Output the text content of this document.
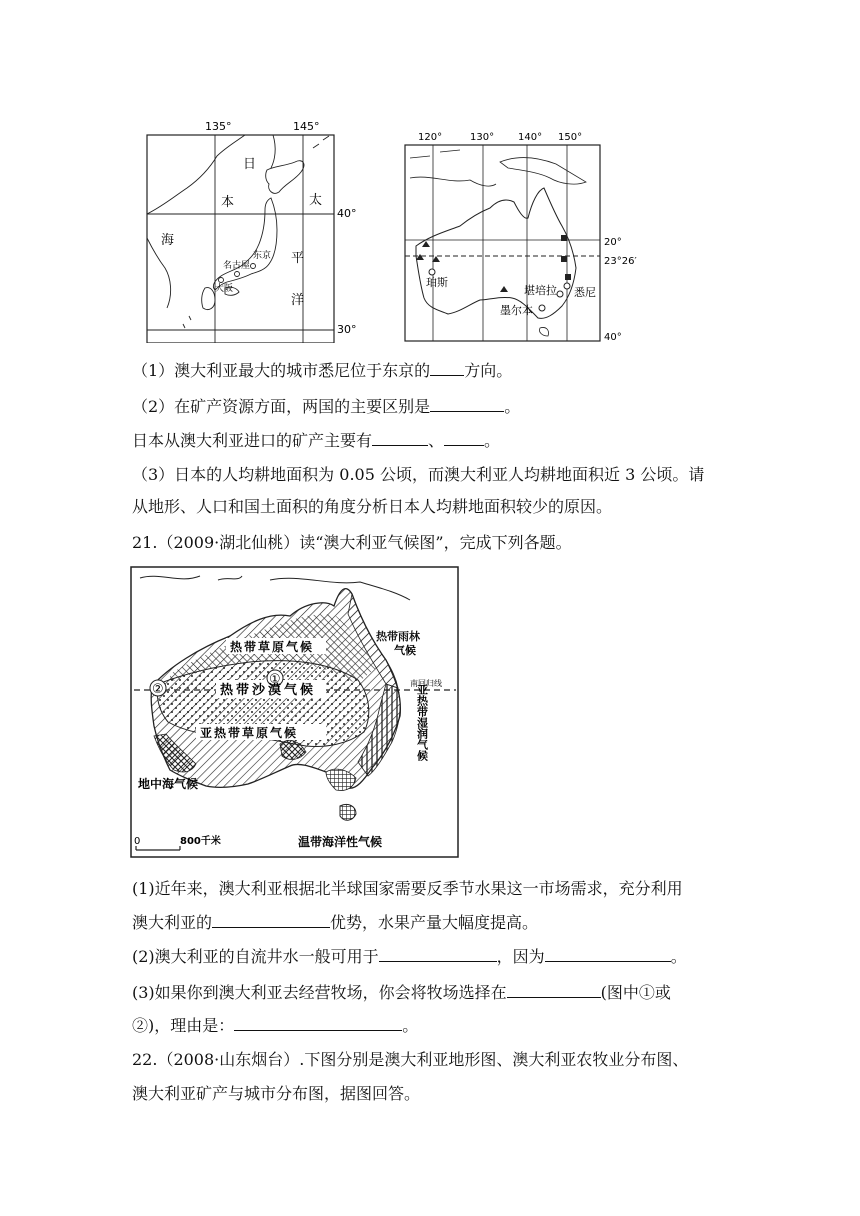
135°	145°
40°
30°
日
本
海
太
平
洋
东京
名古屋
大阪
120°	130° 140° 150°
20°
23°26′
40°
珀斯
墨尔本
堪培拉 悉尼
（1）澳大利亚最大的城市悉尼位于东京的 方向。
（2）在矿产资源方面，两国的主要区别是	。
日本从澳大利亚进口的矿产主要有	、	。
（3）日本的人均耕地面积为 0.05 公顷，而澳大利亚人均耕地面积近 3 公顷。请
从地形、人口和国土面积的角度分析日本人均耕地面积较少的原因。
21.（2009·湖北仙桃）读“澳大利亚气候图”，完成下列各题。
①
②
热带雨林
气候
热带草原气候
热带沙漠气候
亚热带草原气候	亚热带湿润气候
地中海气候
温带海洋性气候
南回归线
0	800千米
(1)近年来，澳大利亚根据北半球国家需要反季节水果这一市场需求，充分利用
澳大利亚的	优势，水果产量大幅度提高。
(2)澳大利亚的自流井水一般可用于	，因为	。
(3)如果你到澳大利亚去经营牧场，你会将牧场选择在	(图中①或
②)，理由是：	。
22.（2008·山东烟台）.下图分别是澳大利亚地形图、澳大利亚农牧业分布图、
澳大利亚矿产与城市分布图，据图回答。
